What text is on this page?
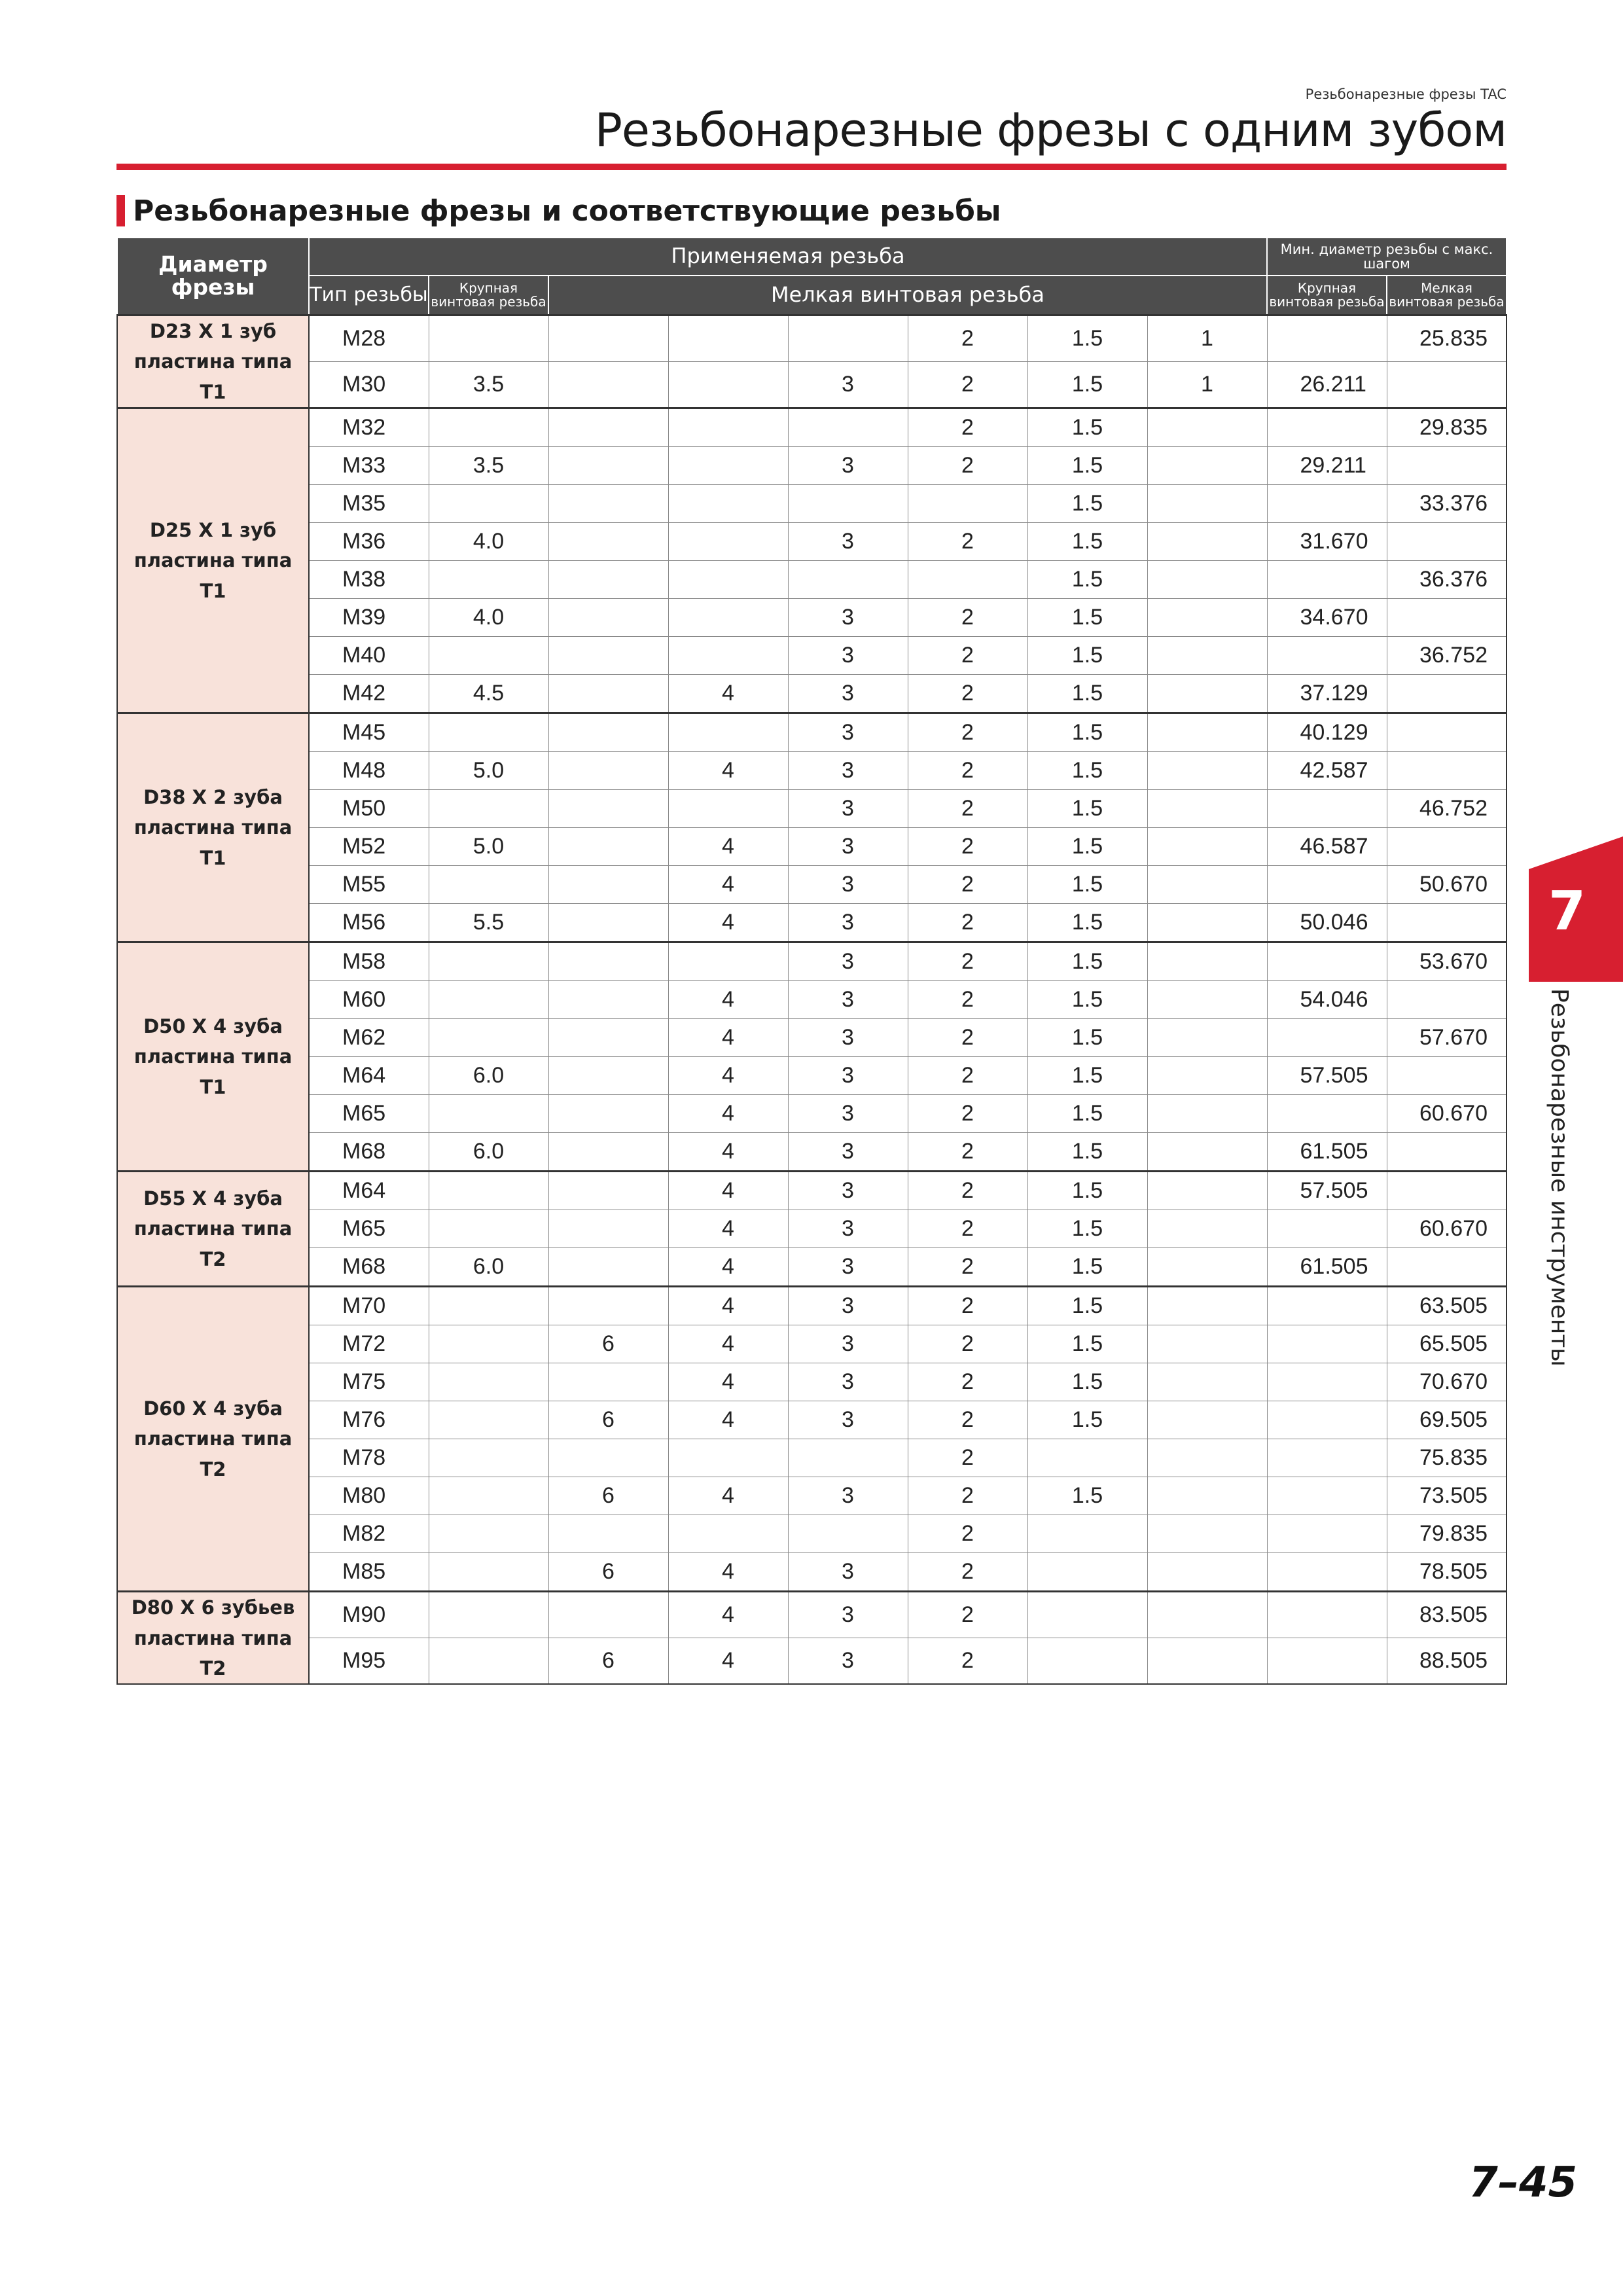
Резьбонарезные фрезы TAC
Резьбонарезные фрезы с одним зубом
Резьбонарезные фрезы и соответствующие резьбы
Диаметр фрезы	Применяемая резьба								Мин. диаметр резьбы с макс. шагом	
	Тип резьбы	Крупная винтовая резьба	Мелкая винтовая резьба						Крупная винтовая резьба	Мелкая винтовая резьба

D23 X 1 зуб
пластина типа T1	M28					2	1.5	1		25.835
	M30	3.5			3	2	1.5	1	26.211	

D25 X 1 зуб
пластина типа T1	M32					2	1.5			29.835
	M33	3.5			3	2	1.5		29.211	
	M35						1.5			33.376
	M36	4.0			3	2	1.5		31.670	
	M38						1.5			36.376
	M39	4.0			3	2	1.5		34.670	
	M40				3	2	1.5			36.752
	M42	4.5		4	3	2	1.5		37.129	

D38 X 2 зуба
пластина типа T1	M45				3	2	1.5		40.129	
	M48	5.0		4	3	2	1.5		42.587	
	M50				3	2	1.5			46.752
	M52	5.0		4	3	2	1.5		46.587	
	M55			4	3	2	1.5			50.670
	M56	5.5		4	3	2	1.5		50.046	

D50 X 4 зуба
пластина типа T1	M58				3	2	1.5			53.670
	M60			4	3	2	1.5		54.046	
	M62			4	3	2	1.5			57.670
	M64	6.0		4	3	2	1.5		57.505	
	M65			4	3	2	1.5			60.670
	M68	6.0		4	3	2	1.5		61.505	

D55 X 4 зуба
пластина типа T2	M64			4	3	2	1.5		57.505	
	M65			4	3	2	1.5			60.670
	M68	6.0		4	3	2	1.5		61.505	

D60 X 4 зуба
пластина типа T2	M70			4	3	2	1.5			63.505
	M72		6	4	3	2	1.5			65.505
	M75			4	3	2	1.5			70.670
	M76		6	4	3	2	1.5			69.505
	M78					2				75.835
	M80		6	4	3	2	1.5			73.505
	M82					2				79.835
	M85		6	4	3	2				78.505

D80 X 6 зубьев
пластина типа T2	M90			4	3	2				83.505
	M95		6	4	3	2				88.505
7
Резьбонарезные инструменты
7–45
